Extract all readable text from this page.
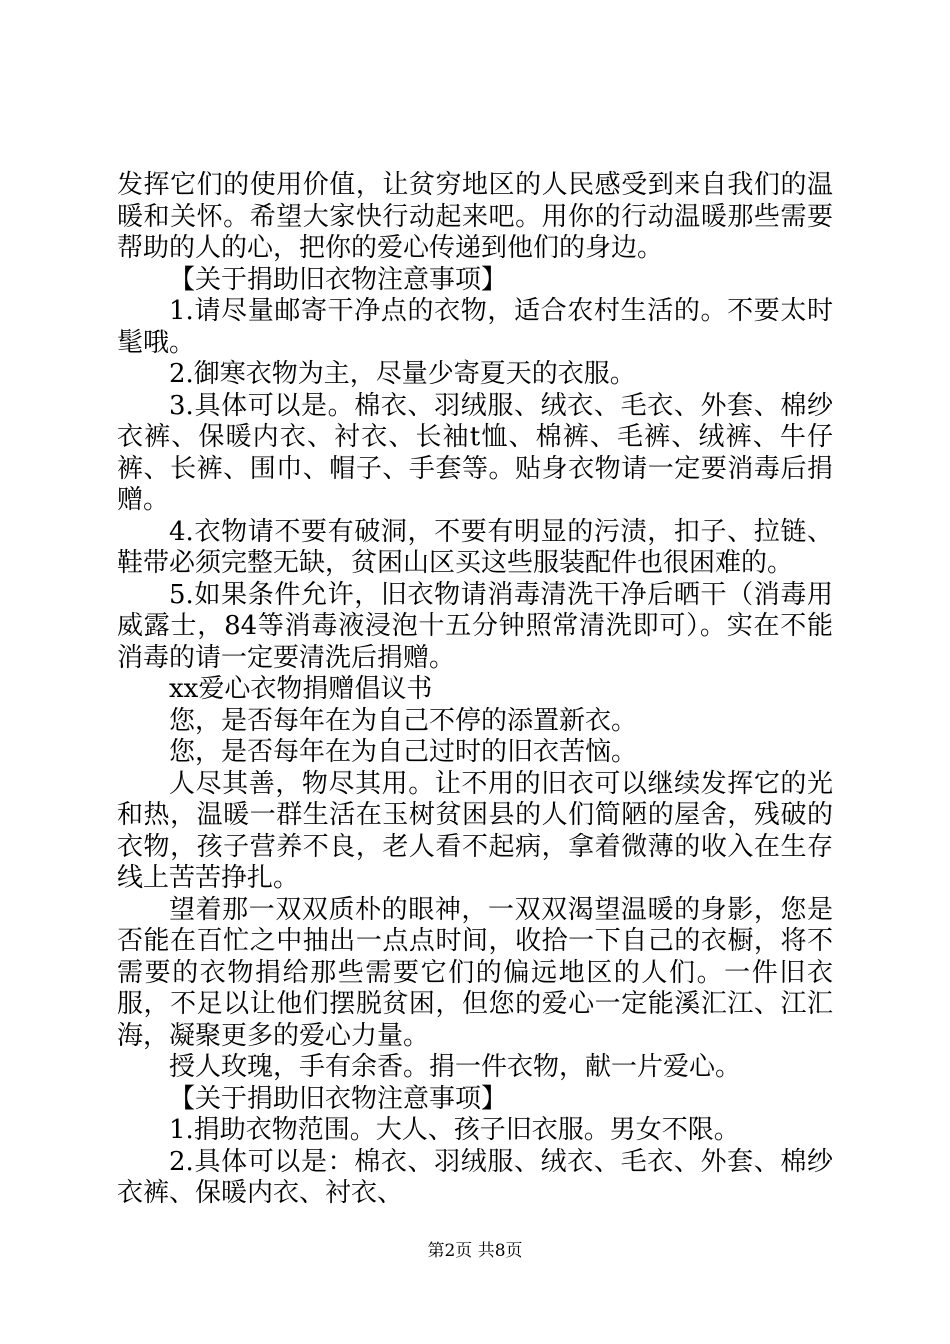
发挥它们的使用价值，让贫穷地区的人民感受到来自我们的温暖和关怀。希望大家快行动起来吧。用你的行动温暖那些需要帮助的人的心，把你的爱心传递到他们的身边。

【关于捐助旧衣物注意事项】

1.请尽量邮寄干净点的衣物，适合农村生活的。不要太时髦哦。

2.御寒衣物为主，尽量少寄夏天的衣服。

3.具体可以是。棉衣、羽绒服、绒衣、毛衣、外套、棉纱衣裤、保暖内衣、衬衣、长袖t恤、棉裤、毛裤、绒裤、牛仔裤、长裤、围巾、帽子、手套等。贴身衣物请一定要消毒后捐赠。

4.衣物请不要有破洞，不要有明显的污渍，扣子、拉链、鞋带必须完整无缺，贫困山区买这些服装配件也很困难的。

5.如果条件允许，旧衣物请消毒清洗干净后晒干（消毒用威露士，84等消毒液浸泡十五分钟照常清洗即可）。实在不能消毒的请一定要清洗后捐赠。

xx爱心衣物捐赠倡议书

您，是否每年在为自己不停的添置新衣。

您，是否每年在为自己过时的旧衣苦恼。

人尽其善，物尽其用。让不用的旧衣可以继续发挥它的光和热，温暖一群生活在玉树贫困县的人们简陋的屋舍，残破的衣物，孩子营养不良，老人看不起病，拿着微薄的收入在生存线上苦苦挣扎。

望着那一双双质朴的眼神，一双双渴望温暖的身影，您是否能在百忙之中抽出一点点时间，收拾一下自己的衣橱，将不需要的衣物捐给那些需要它们的偏远地区的人们。一件旧衣服，不足以让他们摆脱贫困，但您的爱心一定能溪汇江、江汇海，凝聚更多的爱心力量。

授人玫瑰，手有余香。捐一件衣物，献一片爱心。

【关于捐助旧衣物注意事项】

1.捐助衣物范围。大人、孩子旧衣服。男女不限。

2.具体可以是：棉衣、羽绒服、绒衣、毛衣、外套、棉纱衣裤、保暖内衣、衬衣、

第2页 共8页
